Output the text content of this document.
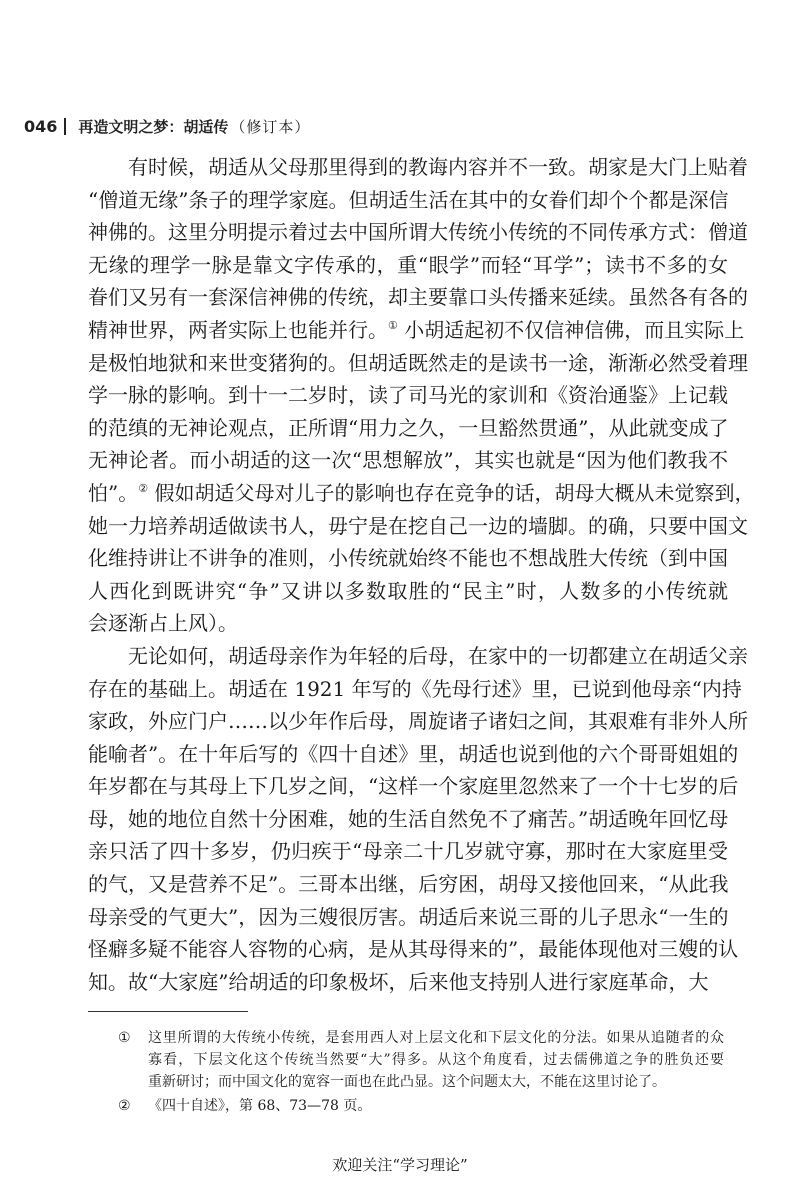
046 再造文明之梦：胡适传 （修订本）
有时候，胡适从父母那里得到的教诲内容并不一致。胡家是大门上贴着
“僧道无缘”条子的理学家庭。但胡适生活在其中的女眷们却个个都是深信
神佛的。这里分明提示着过去中国所谓大传统小传统的不同传承方式：僧道
无缘的理学一脉是靠文字传承的，重“眼学”而轻“耳学”；读书不多的女
眷们又另有一套深信神佛的传统，却主要靠口头传播来延续。虽然各有各的
精神世界，两者实际上也能并行。① 小胡适起初不仅信神信佛，而且实际上
是极怕地狱和来世变猪狗的。但胡适既然走的是读书一途，渐渐必然受着理
学一脉的影响。到十一二岁时，读了司马光的家训和《资治通鉴》上记载
的范缜的无神论观点，正所谓“用力之久，一旦豁然贯通”，从此就变成了
无神论者。而小胡适的这一次“思想解放”，其实也就是“因为他们教我不
怕”。② 假如胡适父母对儿子的影响也存在竞争的话，胡母大概从未觉察到，
她一力培养胡适做读书人，毋宁是在挖自己一边的墙脚。的确，只要中国文
化维持讲让不讲争的准则，小传统就始终不能也不想战胜大传统（到中国
人西化到既讲究“争”又讲以多数取胜的“民主”时，人数多的小传统就
会逐渐占上风）。
无论如何，胡适母亲作为年轻的后母，在家中的一切都建立在胡适父亲
存在的基础上。胡适在 1921 年写的《先母行述》里，已说到他母亲“内持
家政，外应门户……以少年作后母，周旋诸子诸妇之间，其艰难有非外人所
能喻者”。在十年后写的《四十自述》里，胡适也说到他的六个哥哥姐姐的
年岁都在与其母上下几岁之间，“这样一个家庭里忽然来了一个十七岁的后
母，她的地位自然十分困难，她的生活自然免不了痛苦。”胡适晚年回忆母
亲只活了四十多岁，仍归疾于“母亲二十几岁就守寡，那时在大家庭里受
的气，又是营养不足”。三哥本出继，后穷困，胡母又接他回来，“从此我
母亲受的气更大”，因为三嫂很厉害。胡适后来说三哥的儿子思永“一生的
怪癖多疑不能容人容物的心病，是从其母得来的”，最能体现他对三嫂的认
知。故“大家庭”给胡适的印象极坏，后来他支持别人进行家庭革命，大
① 这里所谓的大传统小传统，是套用西人对上层文化和下层文化的分法。如果从追随者的众
寡看，下层文化这个传统当然要“大”得多。从这个角度看，过去儒佛道之争的胜负还要
重新研讨；而中国文化的宽容一面也在此凸显。这个问题太大，不能在这里讨论了。
② 《四十自述》，第 68、73—78 页。
欢迎关注“学习理论”
